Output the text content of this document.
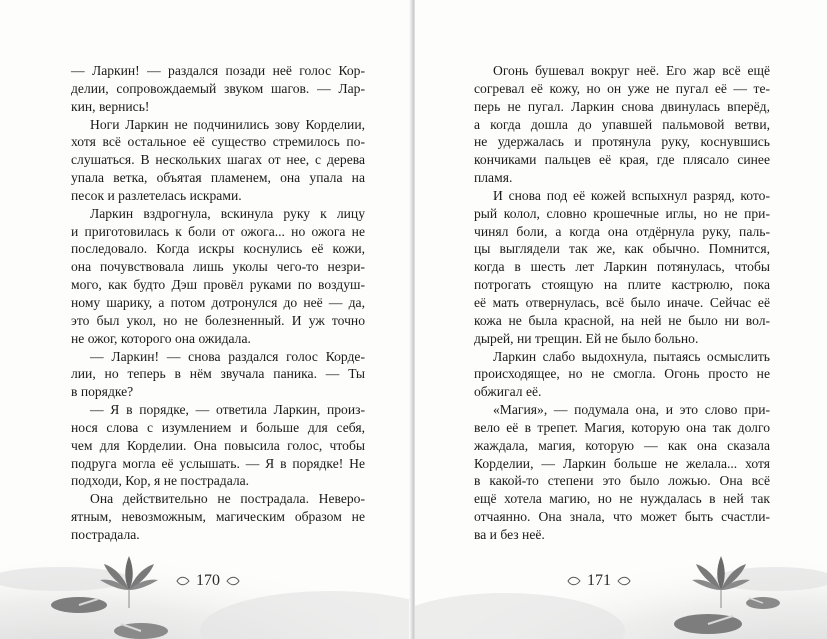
— Ларкин! — раздался позади неё голос Кор-
делии, сопровождаемый звуком шагов. — Лар-
кин, вернись!

Ноги Ларкин не подчинились зову Корделии,
хотя всё остальное её существо стремилось по-
слушаться. В нескольких шагах от нее, с дерева
упала ветка, объятая пламенем, она упала на
песок и разлетелась искрами.

Ларкин вздрогнула, вскинула руку к лицу
и приготовилась к боли от ожога... но ожога не
последовало. Когда искры коснулись её кожи,
она почувствовала лишь уколы чего-то незри-
мого, как будто Дэш провёл руками по воздуш-
ному шарику, а потом дотронулся до неё — да,
это был укол, но не болезненный. И уж точно
не ожог, которого она ожидала.

— Ларкин! — снова раздался голос Корде-
лии, но теперь в нём звучала паника. — Ты
в порядке?

— Я в порядке, — ответила Ларкин, произ-
нося слова с изумлением и больше для себя,
чем для Корделии. Она повысила голос, чтобы
подруга могла её услышать. — Я в порядке! Не
подходи, Кор, я не пострадала.

Она действительно не пострадала. Неверо-
ятным, невозможным, магическим образом не
пострадала.

170

Огонь бушевал вокруг неё. Его жар всё ещё
согревал её кожу, но он уже не пугал её — те-
перь не пугал. Ларкин снова двинулась вперёд,
а когда дошла до упавшей пальмовой ветви,
не удержалась и протянула руку, коснувшись
кончиками пальцев её края, где плясало синее
пламя.

И снова под её кожей вспыхнул разряд, кото-
рый колол, словно крошечные иглы, но не при-
чинял боли, а когда она отдёрнула руку, паль-
цы выглядели так же, как обычно. Помнится,
когда в шесть лет Ларкин потянулась, чтобы
потрогать стоящую на плите кастрюлю, пока
её мать отвернулась, всё было иначе. Сейчас её
кожа не была красной, на ней не было ни вол-
дырей, ни трещин. Ей не было больно.

Ларкин слабо выдохнула, пытаясь осмыслить
происходящее, но не смогла. Огонь просто не
обжигал её.

«Магия», — подумала она, и это слово при-
вело её в трепет. Магия, которую она так долго
жаждала, магия, которую — как она сказала
Корделии, — Ларкин больше не желала... хотя
в какой-то степени это было ложью. Она всё
ещё хотела магию, но не нуждалась в ней так
отчаянно. Она знала, что может быть счастли-
ва и без неё.

171
